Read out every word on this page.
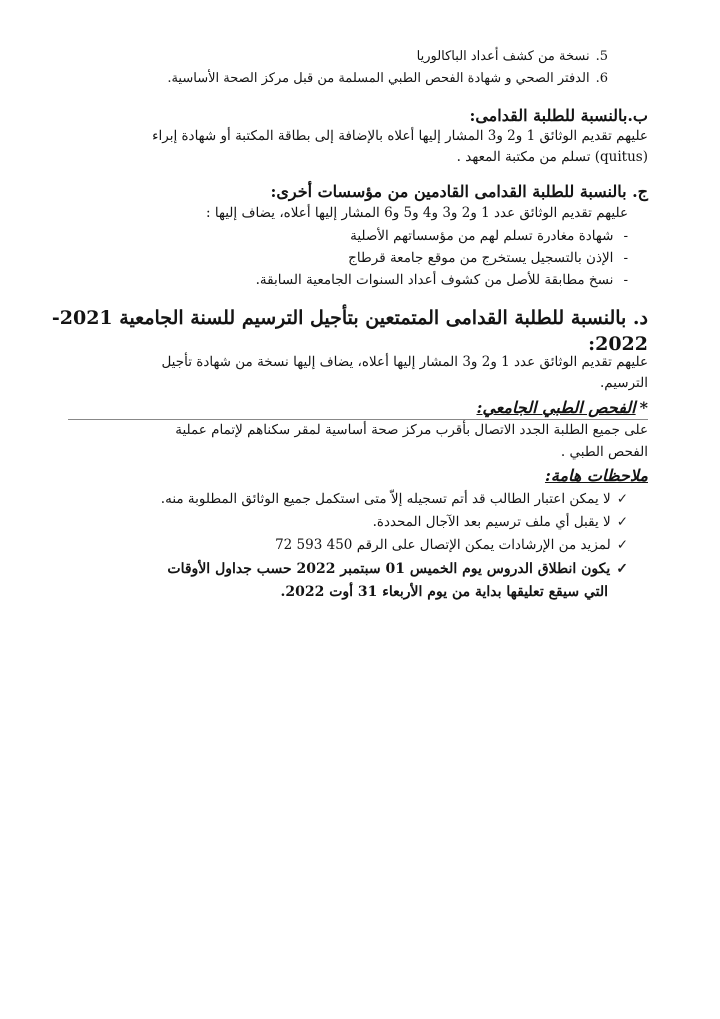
5.نسخة من كشف أعداد الباكالوريا
6.الدفتر الصحي و شهادة الفحص الطبي المسلمة من قبل مركز الصحة الأساسية.
ب.بالنسبة للطلبة القدامى:
عليهم تقديم الوثائق 1 و2 و3 المشار إليها أعلاه بالإضافة إلى بطاقة المكتبة أو شهادة إبراء
(quitus) تسلم من مكتبة المعهد .
ج. بالنسبة للطلبة القدامى القادمين من مؤسسات أخرى:
عليهم تقديم الوثائق عدد 1 و2 و3 و4 و5 و6 المشار إليها أعلاه، يضاف إليها :
-شهادة مغادرة تسلم لهم من مؤسساتهم الأصلية
-الإذن بالتسجيل يستخرج من موقع جامعة قرطاج
-نسخ مطابقة للأصل من كشوف أعداد السنوات الجامعية السابقة.
د. بالنسبة للطلبة القدامى المتمتعين بتأجيل الترسيم للسنة الجامعية 2021-
2022:
عليهم تقديم الوثائق عدد 1 و2 و3 المشار إليها أعلاه، يضاف إليها نسخة من شهادة تأجيل
الترسيم.
*الفحص الطبي الجامعي:
على جميع الطلبة الجدد الاتصال بأقرب مركز صحة أساسية لمقر سكناهم لإتمام عملية
الفحص الطبي .
ملاحظات هامة:
✓لا يمكن اعتبار الطالب قد أتم تسجيله إلاّ متى استكمل جميع الوثائق المطلوبة منه.
✓لا يقبل أي ملف ترسيم بعد الآجال المحددة.
✓لمزيد من الإرشادات يمكن الإتصال على الرقم 450 593 72
✓يكون انطلاق الدروس يوم الخميس 01 سبتمبر 2022 حسب جداول الأوقات
التي سيقع تعليقها بداية من يوم الأربعاء 31 أوت 2022.
